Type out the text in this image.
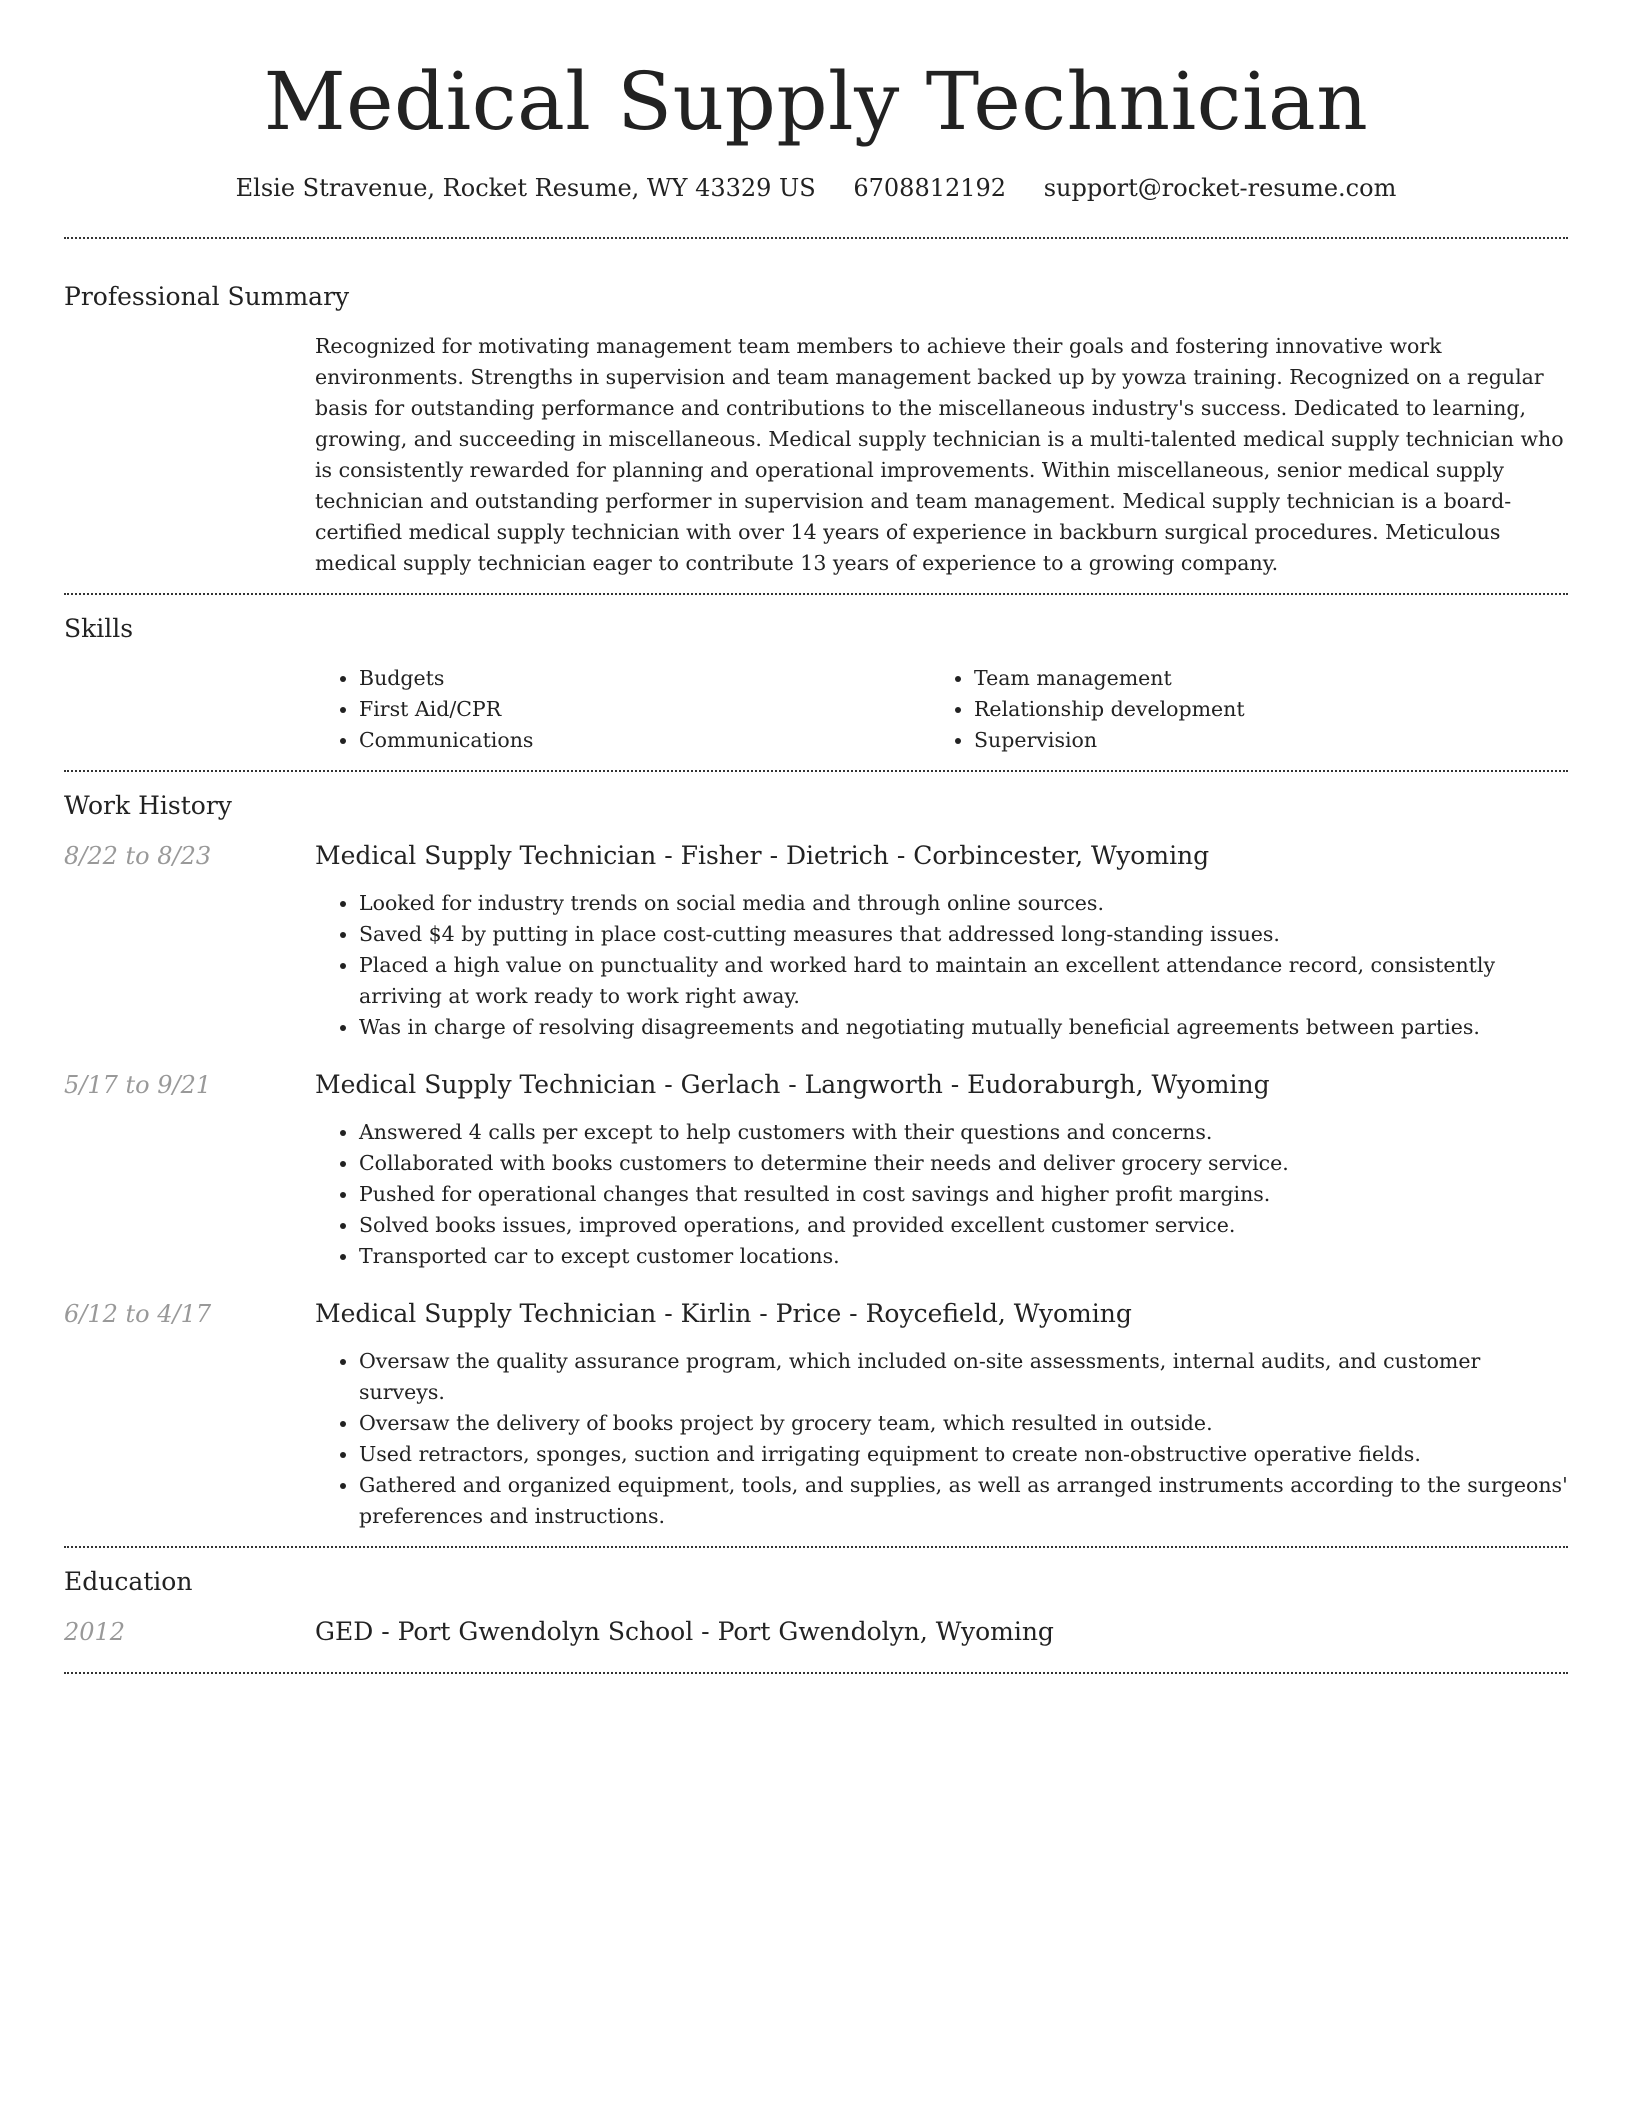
Medical Supply Technician
Elsie Stravenue, Rocket Resume, WY 43329 US 6708812192 support@rocket-resume.com
Professional Summary

Recognized for motivating management team members to achieve their goals and fostering innovative work environments. Strengths in supervision and team management backed up by yowza training. Recognized on a regular basis for outstanding performance and contributions to the miscellaneous industry's success. Dedicated to learning, growing, and succeeding in miscellaneous. Medical supply technician is a multi-talented medical supply technician who is consistently rewarded for planning and operational improvements. Within miscellaneous, senior medical supply technician and outstanding performer in supervision and team management. Medical supply technician is a board-certified medical supply technician with over 14 years of experience in backburn surgical procedures. Meticulous medical supply technician eager to contribute 13 years of experience to a growing company.

Skills
• Budgets
• First Aid/CPR
• Communications
• Team management
• Relationship development
• Supervision
Work History
8/22 to 8/23	Medical Supply Technician - Fisher - Dietrich - Corbincester, Wyoming
• Looked for industry trends on social media and through online sources.
• Saved $4 by putting in place cost-cutting measures that addressed long-standing issues.
• Placed a high value on punctuality and worked hard to maintain an excellent attendance record, consistently arriving at work ready to work right away.
• Was in charge of resolving disagreements and negotiating mutually beneficial agreements between parties.
5/17 to 9/21	Medical Supply Technician - Gerlach - Langworth - Eudoraburgh, Wyoming
• Answered 4 calls per except to help customers with their questions and concerns.
• Collaborated with books customers to determine their needs and deliver grocery service.
• Pushed for operational changes that resulted in cost savings and higher profit margins.
• Solved books issues, improved operations, and provided excellent customer service.
• Transported car to except customer locations.
6/12 to 4/17	Medical Supply Technician - Kirlin - Price - Roycefield, Wyoming
• Oversaw the quality assurance program, which included on-site assessments, internal audits, and customer surveys.
• Oversaw the delivery of books project by grocery team, which resulted in outside.
• Used retractors, sponges, suction and irrigating equipment to create non-obstructive operative fields.
• Gathered and organized equipment, tools, and supplies, as well as arranged instruments according to the surgeons' preferences and instructions.
Education
2012	GED - Port Gwendolyn School - Port Gwendolyn, Wyoming
